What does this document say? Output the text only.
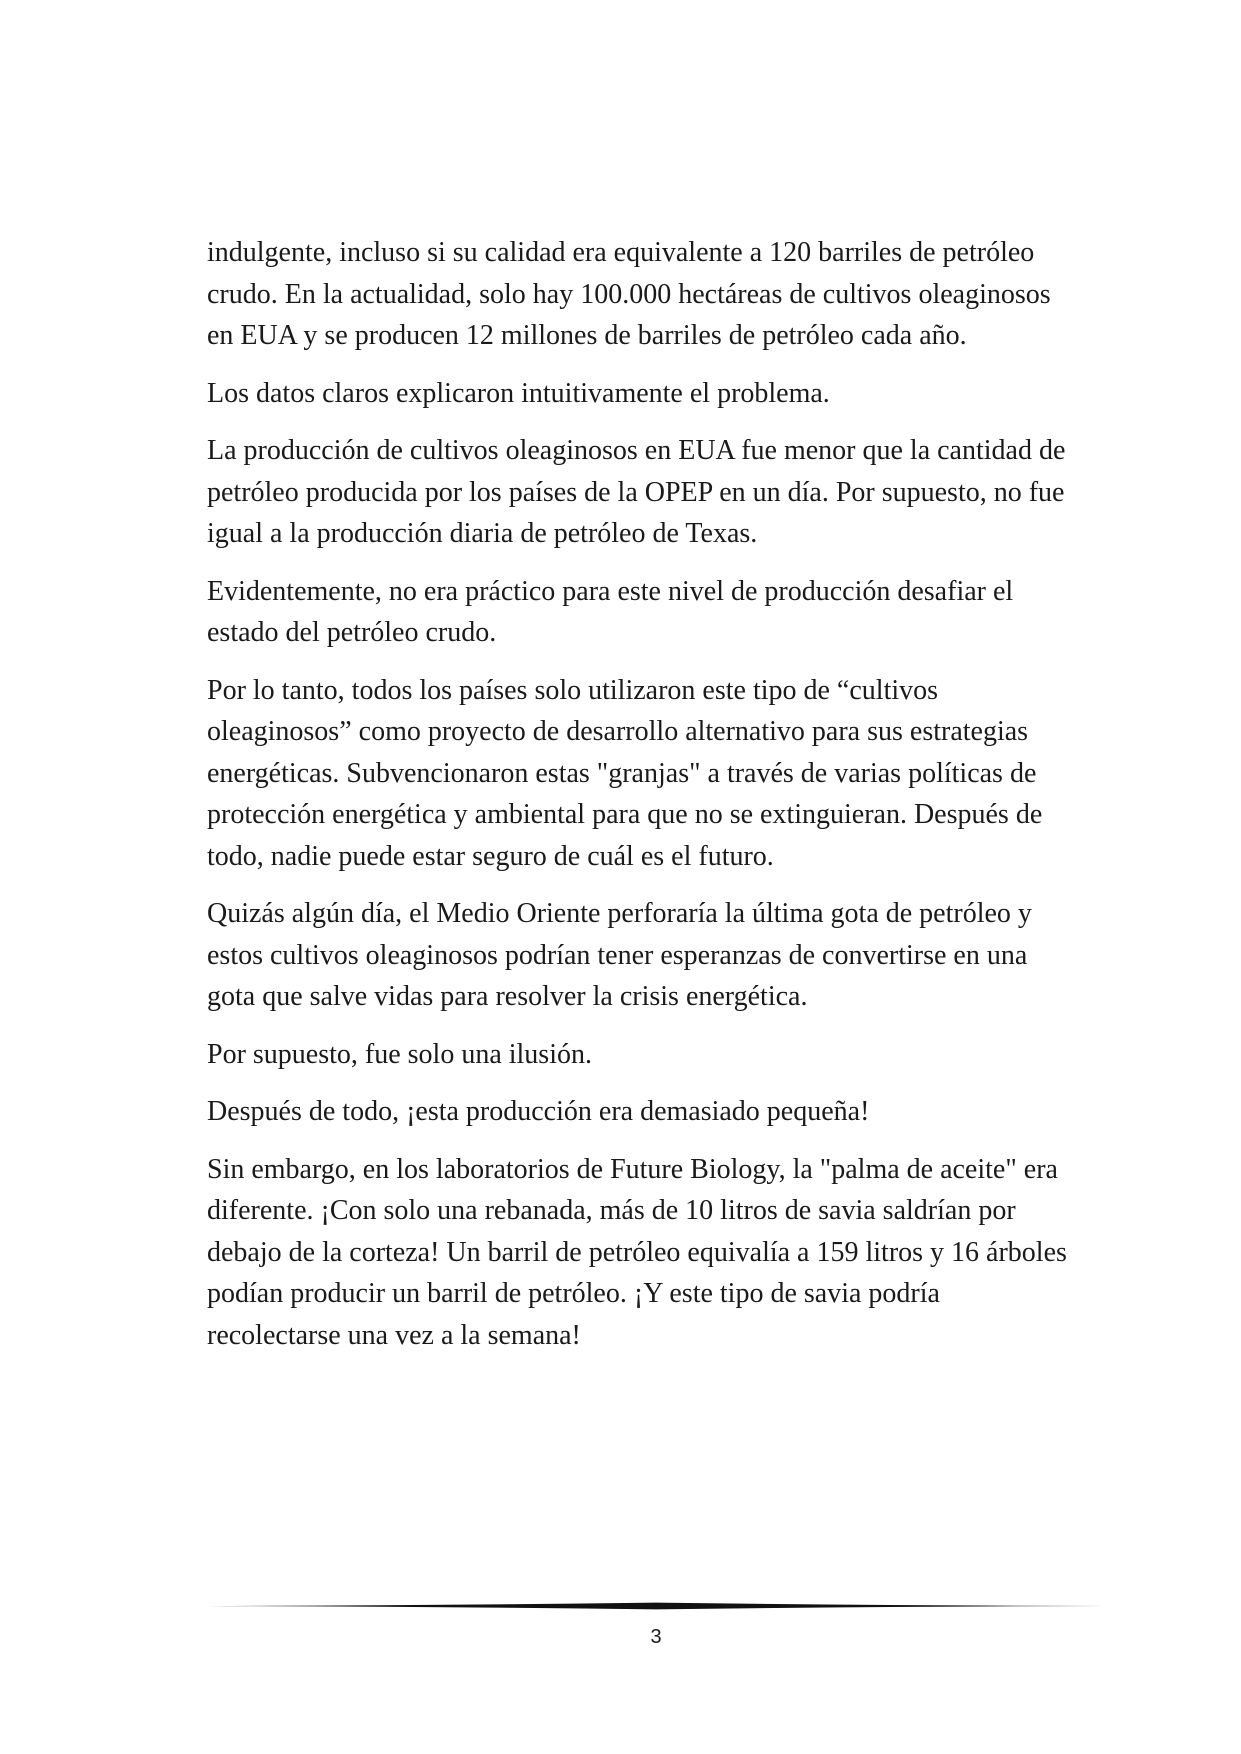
indulgente, incluso si su calidad era equivalente a 120 barriles de petróleo crudo. En la actualidad, solo hay 100.000 hectáreas de cultivos oleaginosos en EUA y se producen 12 millones de barriles de petróleo cada año.

Los datos claros explicaron intuitivamente el problema.

La producción de cultivos oleaginosos en EUA fue menor que la cantidad de petróleo producida por los países de la OPEP en un día. Por supuesto, no fue igual a la producción diaria de petróleo de Texas.

Evidentemente, no era práctico para este nivel de producción desafiar el estado del petróleo crudo.

Por lo tanto, todos los países solo utilizaron este tipo de “cultivos oleaginosos” como proyecto de desarrollo alternativo para sus estrategias energéticas. Subvencionaron estas "granjas" a través de varias políticas de protección energética y ambiental para que no se extinguieran. Después de todo, nadie puede estar seguro de cuál es el futuro.

Quizás algún día, el Medio Oriente perforaría la última gota de petróleo y estos cultivos oleaginosos podrían tener esperanzas de convertirse en una gota que salve vidas para resolver la crisis energética.

Por supuesto, fue solo una ilusión.

Después de todo, ¡esta producción era demasiado pequeña!

Sin embargo, en los laboratorios de Future Biology, la "palma de aceite" era diferente. ¡Con solo una rebanada, más de 10 litros de savia saldrían por debajo de la corteza! Un barril de petróleo equivalía a 159 litros y 16 árboles podían producir un barril de petróleo. ¡Y este tipo de savia podría recolectarse una vez a la semana!

3
